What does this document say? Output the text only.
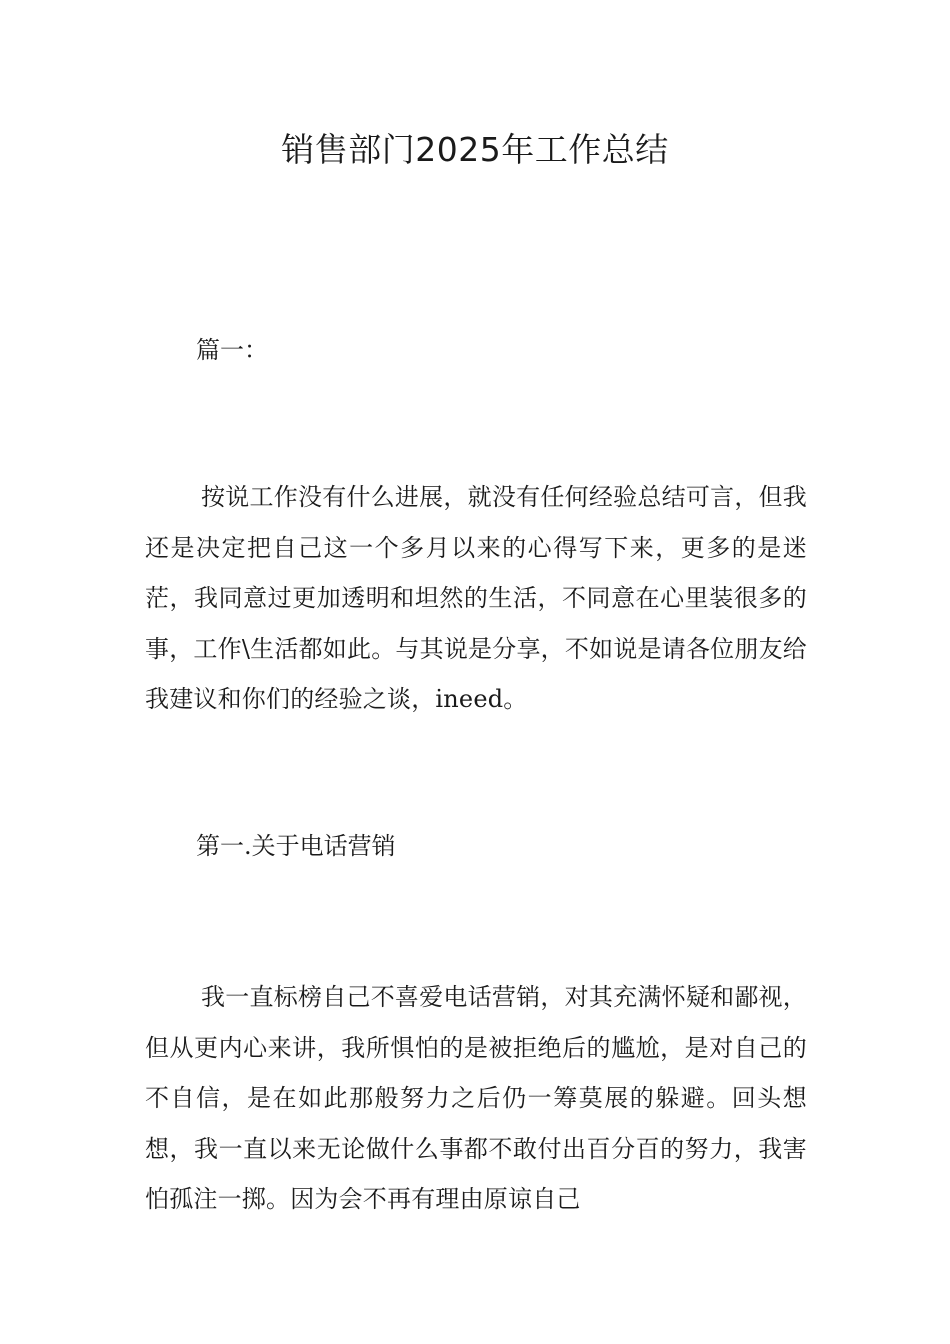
销售部门2025年工作总结
篇一：
按说工作没有什么进展，就没有任何经验总结可言，但我还是决定把自己这一个多月以来的心得写下来，更多的是迷茫，我同意过更加透明和坦然的生活，不同意在心里装很多的事，工作\生活都如此。与其说是分享，不如说是请各位朋友给我建议和你们的经验之谈，ineed。
第一.关于电话营销
我一直标榜自己不喜爱电话营销，对其充满怀疑和鄙视，但从更内心来讲，我所惧怕的是被拒绝后的尴尬，是对自己的不自信，是在如此那般努力之后仍一筹莫展的躲避。回头想想，我一直以来无论做什么事都不敢付出百分百的努力，我害怕孤注一掷。因为会不再有理由原谅自己
